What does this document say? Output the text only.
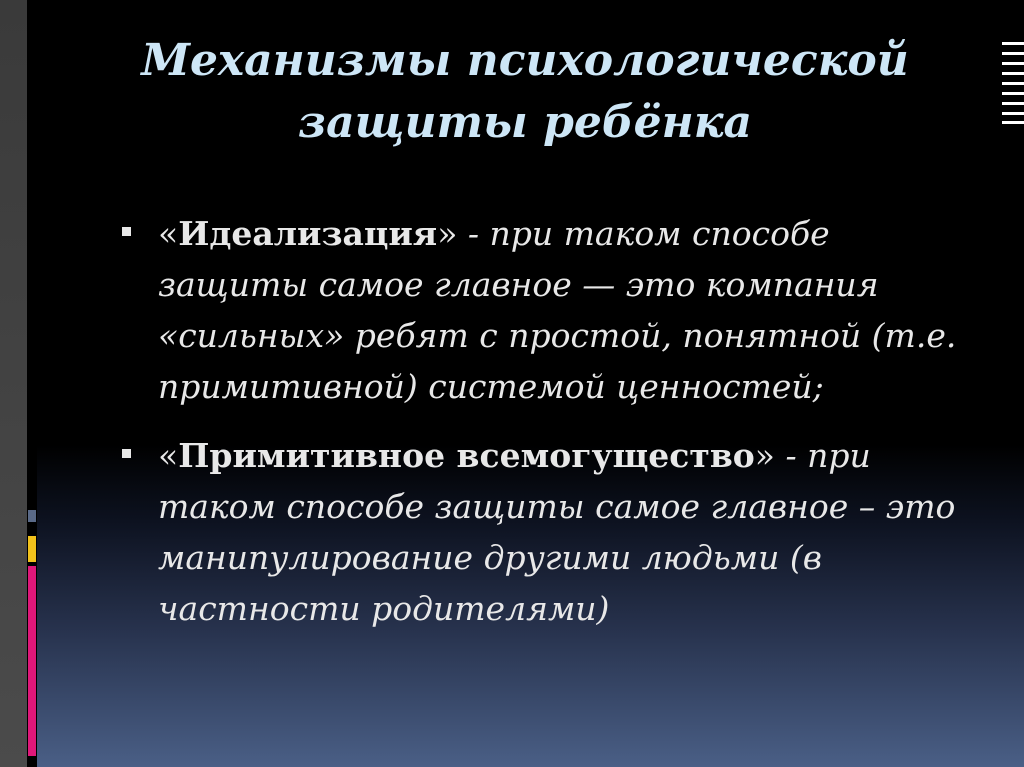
Механизмы психологической защиты ребёнка
«Идеализация» - при таком способе защиты самое главное — это компания «сильных» ребят с простой, понятной (т.е. примитивной) системой ценностей;
«Примитивное всемогущество» - при таком способе защиты самое главное – это манипулирование другими людьми (в частности родителями)
